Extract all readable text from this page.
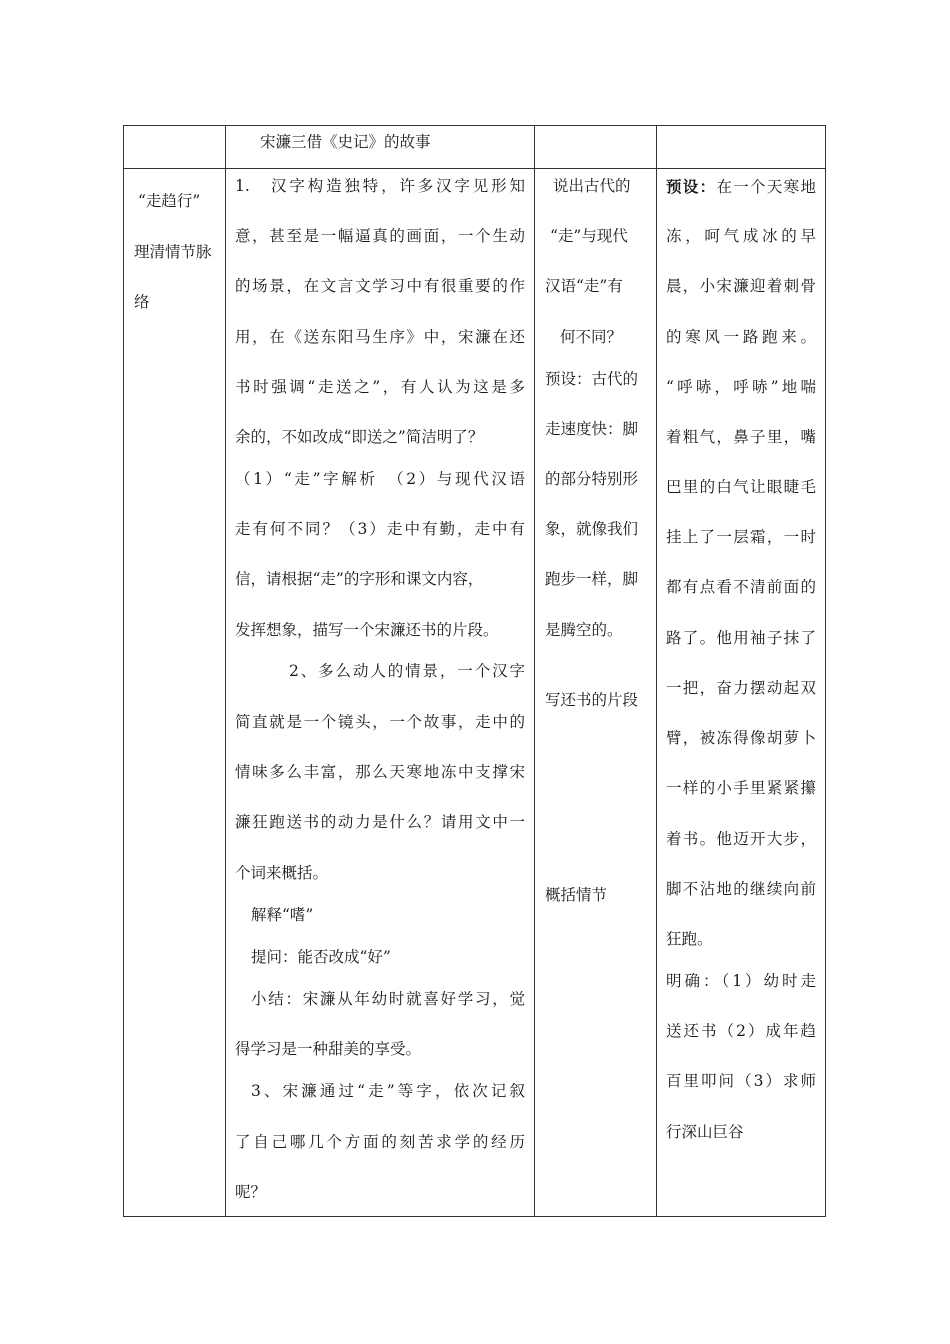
宋濂三借《史记》的故事
“走趋行”
理清情节脉
络
1.　汉字构造独特，许多汉字见形知
意，甚至是一幅逼真的画面，一个生动
的场景，在文言文学习中有很重要的作
用，在《送东阳马生序》中，宋濂在还
书时强调“走送之”，有人认为这是多
余的，不如改成“即送之”简洁明了？
（1）“走”字解析　（2）与现代汉语
走有何不同？（3）走中有勤，走中有
信，请根据“走”的字形和课文内容，
发挥想象，描写一个宋濂还书的片段。
2、多么动人的情景，一个汉字
简直就是一个镜头，一个故事，走中的
情味多么丰富，那么天寒地冻中支撑宋
濂狂跑送书的动力是什么？请用文中一
个词来概括。
解释“嗜”
提问：能否改成“好”
小结：宋濂从年幼时就喜好学习，觉
得学习是一种甜美的享受。
3、宋濂通过“走”等字，依次记叙
了自己哪几个方面的刻苦求学的经历
呢？
说出古代的
“走”与现代
汉语“走”有
何不同？
预设：古代的
走速度快：脚
的部分特别形
象，就像我们
跑步一样，脚
是腾空的。
写还书的片段
概括情节
预设：在一个天寒地
冻，呵气成冰的早
晨，小宋濂迎着刺骨
的寒风一路跑来。
“呼哧，呼哧”地喘
着粗气，鼻子里，嘴
巴里的白气让眼睫毛
挂上了一层霜，一时
都有点看不清前面的
路了。他用袖子抹了
一把，奋力摆动起双
臂，被冻得像胡萝卜
一样的小手里紧紧攥
着书。他迈开大步，
脚不沾地的继续向前
狂跑。
明确：（1）幼时走
送还书（2）成年趋
百里叩问（3）求师
行深山巨谷
